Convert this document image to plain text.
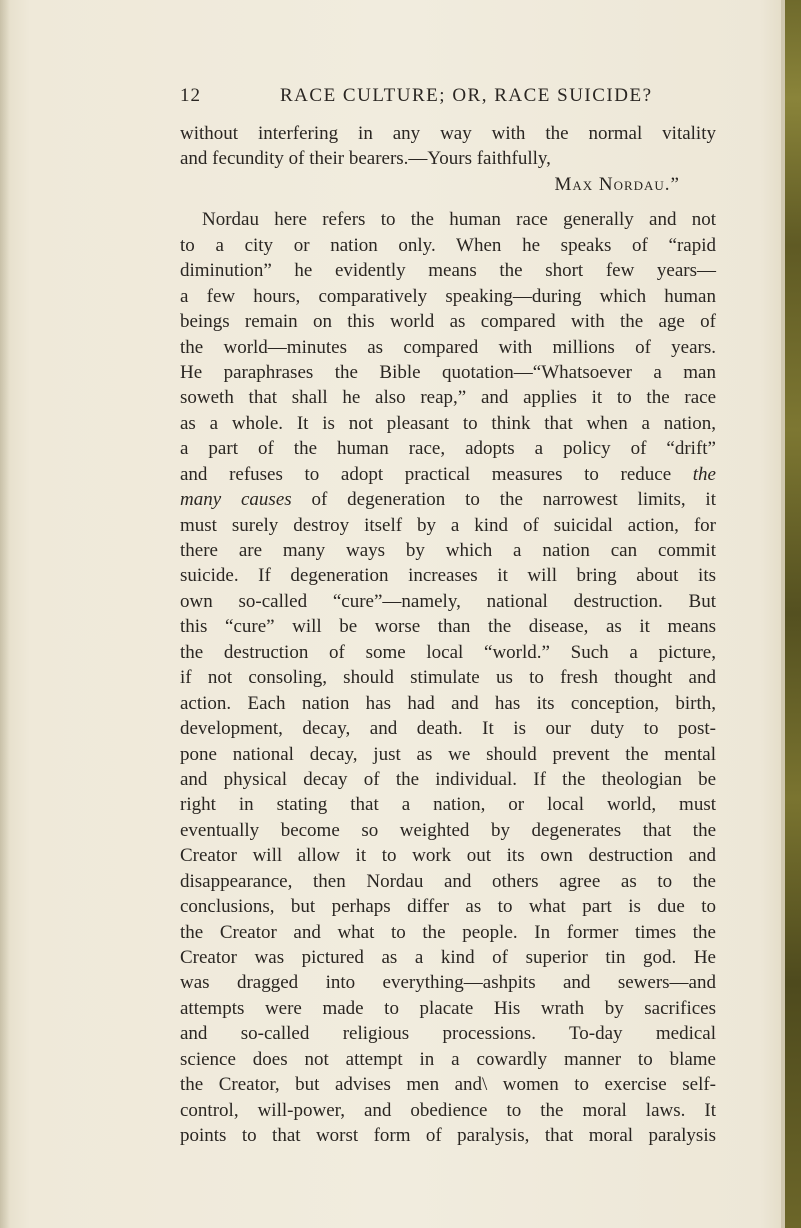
12	RACE CULTURE; OR, RACE SUICIDE?
without interfering in any way with the normal vitality
and fecundity of their bearers.—Yours faithfully,
Max Nordau.”
Nordau here refers to the human race generally and not
to a city or nation only. When he speaks of “rapid
diminution” he evidently means the short few years—
a few hours, comparatively speaking—during which human
beings remain on this world as compared with the age of
the world—minutes as compared with millions of years.
He paraphrases the Bible quotation—“Whatsoever a man
soweth that shall he also reap,” and applies it to the race
as a whole. It is not pleasant to think that when a nation,
a part of the human race, adopts a policy of “drift”
and refuses to adopt practical measures to reduce the
many causes of degeneration to the narrowest limits, it
must surely destroy itself by a kind of suicidal action, for
there are many ways by which a nation can commit
suicide. If degeneration increases it will bring about its
own so-called “cure”—namely, national destruction. But
this “cure” will be worse than the disease, as it means
the destruction of some local “world.” Such a picture,
if not consoling, should stimulate us to fresh thought and
action. Each nation has had and has its conception, birth,
development, decay, and death. It is our duty to post-
pone national decay, just as we should prevent the mental
and physical decay of the individual. If the theologian be
right in stating that a nation, or local world, must
eventually become so weighted by degenerates that the
Creator will allow it to work out its own destruction and
disappearance, then Nordau and others agree as to the
conclusions, but perhaps differ as to what part is due to
the Creator and what to the people. In former times the
Creator was pictured as a kind of superior tin god. He
was dragged into everything—ashpits and sewers—and
attempts were made to placate His wrath by sacrifices
and so-called religious processions. To-day medical
science does not attempt in a cowardly manner to blame
the Creator, but advises men and\ women to exercise self-
control, will-power, and obedience to the moral laws. It
points to that worst form of paralysis, that moral paralysis
